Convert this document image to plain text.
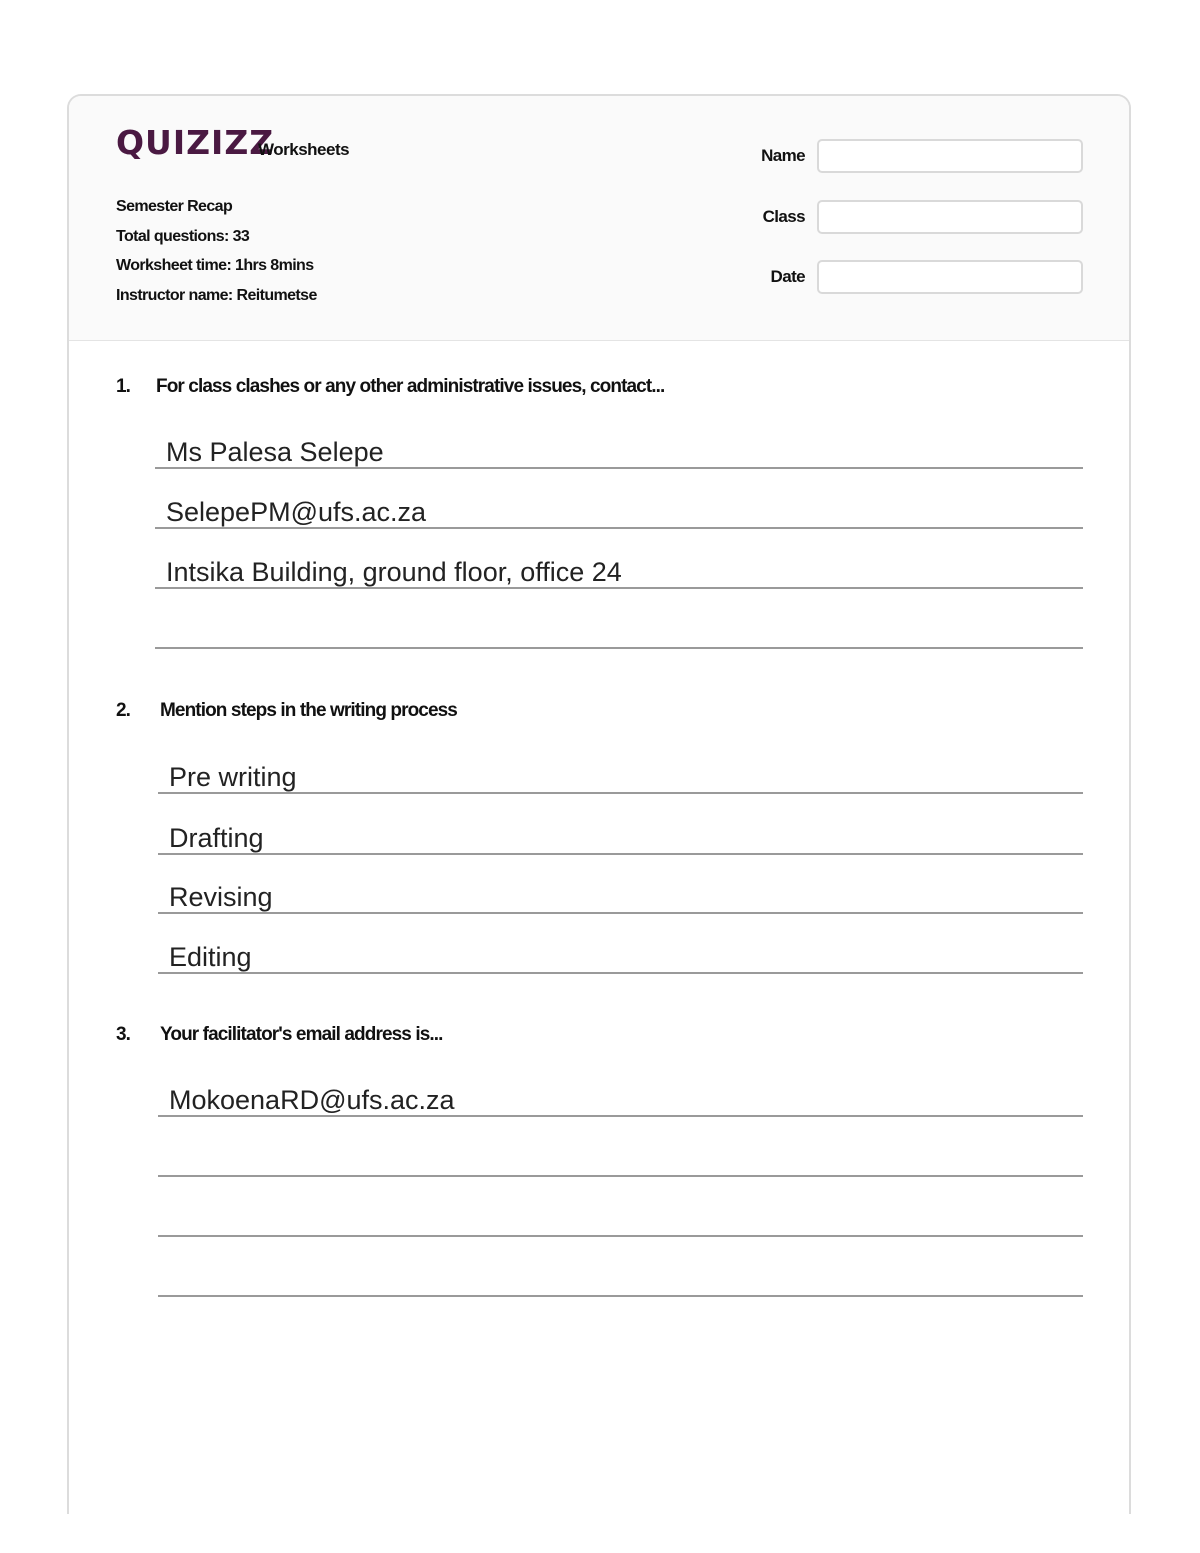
QUIZIZZ
Worksheets
Semester Recap
Total questions: 33
Worksheet time: 1hrs 8mins
Instructor name: Reitumetse
Name
Class
Date
1. For class clashes or any other administrative issues, contact...
Ms Palesa Selepe
SelepePM@ufs.ac.za
Intsika Building, ground floor, office 24
2. Mention steps in the writing process
Pre writing
Drafting
Revising
Editing
3. Your facilitator's email address is...
MokoenaRD@ufs.ac.za
